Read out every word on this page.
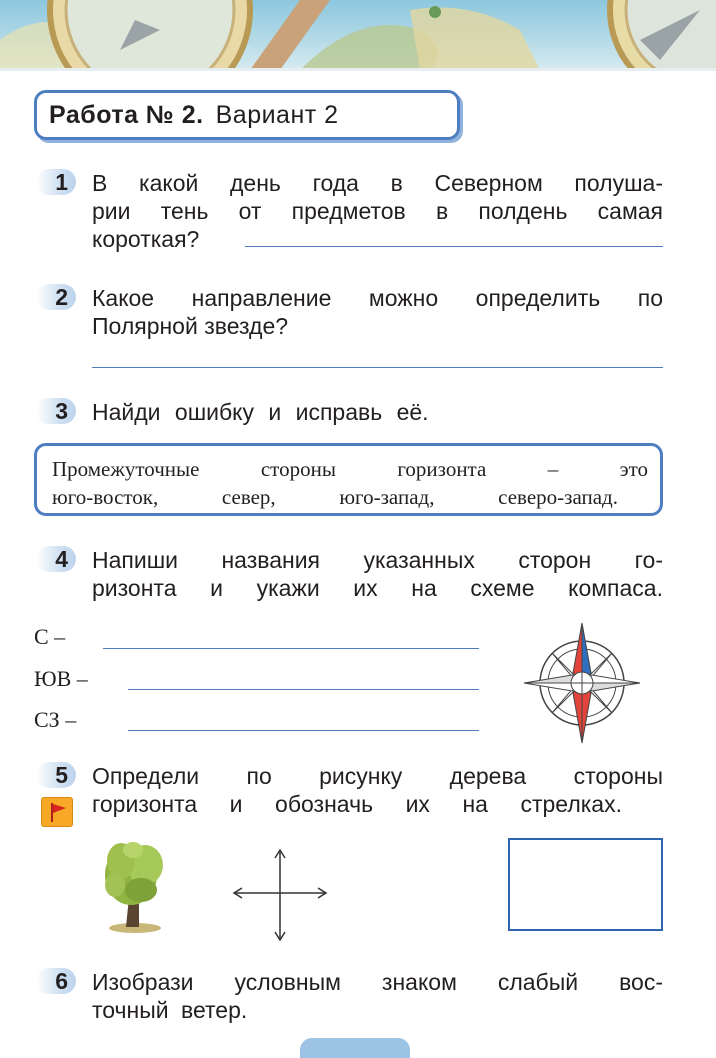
Работа № 2. Вариант 2
1	В какой день года в Северном полуша-
рии тень от предметов в полдень самая
короткая?
2	Какое направление можно определить по
Полярной звезде?
3	Найди ошибку и исправь её.
Промежуточные стороны горизонта – это
юго-восток, север, юго-запад, северо-запад.
4	Напиши названия указанных сторон го-
ризонта и укажи их на схеме компаса.
С –
ЮВ –
СЗ –
5	Определи по рисунку дерева стороны
горизонта и обозначь их на стрелках.
6	Изобрази условным знаком слабый вос-
точный ветер.
